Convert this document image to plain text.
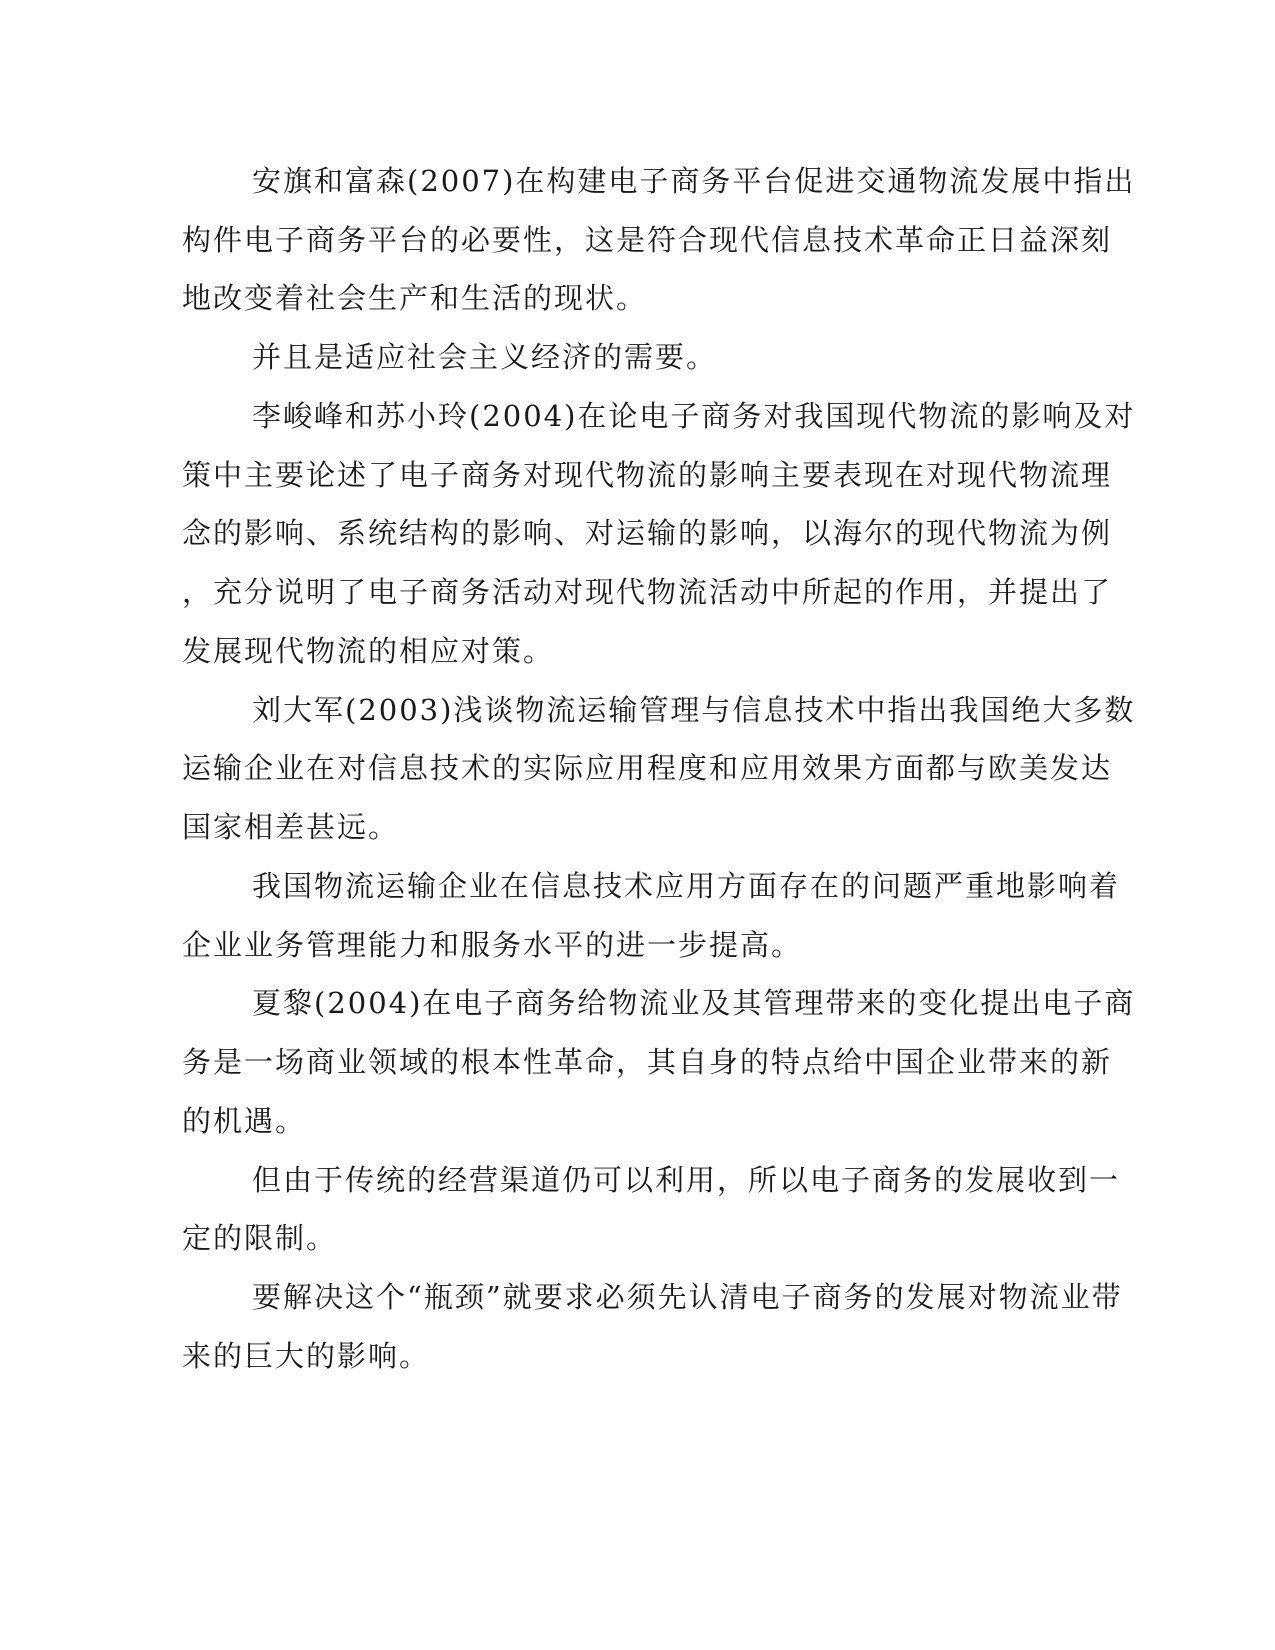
安旗和富森(2007)在构建电子商务平台促进交通物流发展中指出
构件电子商务平台的必要性，这是符合现代信息技术革命正日益深刻
地改变着社会生产和生活的现状。
并且是适应社会主义经济的需要。
李峻峰和苏小玲(2004)在论电子商务对我国现代物流的影响及对
策中主要论述了电子商务对现代物流的影响主要表现在对现代物流理
念的影响、系统结构的影响、对运输的影响，以海尔的现代物流为例
，充分说明了电子商务活动对现代物流活动中所起的作用，并提出了
发展现代物流的相应对策。
刘大军(2003)浅谈物流运输管理与信息技术中指出我国绝大多数
运输企业在对信息技术的实际应用程度和应用效果方面都与欧美发达
国家相差甚远。
我国物流运输企业在信息技术应用方面存在的问题严重地影响着
企业业务管理能力和服务水平的进一步提高。
夏黎(2004)在电子商务给物流业及其管理带来的变化提出电子商
务是一场商业领域的根本性革命，其自身的特点给中国企业带来的新
的机遇。
但由于传统的经营渠道仍可以利用，所以电子商务的发展收到一
定的限制。
要解决这个“瓶颈”就要求必须先认清电子商务的发展对物流业带
来的巨大的影响。
